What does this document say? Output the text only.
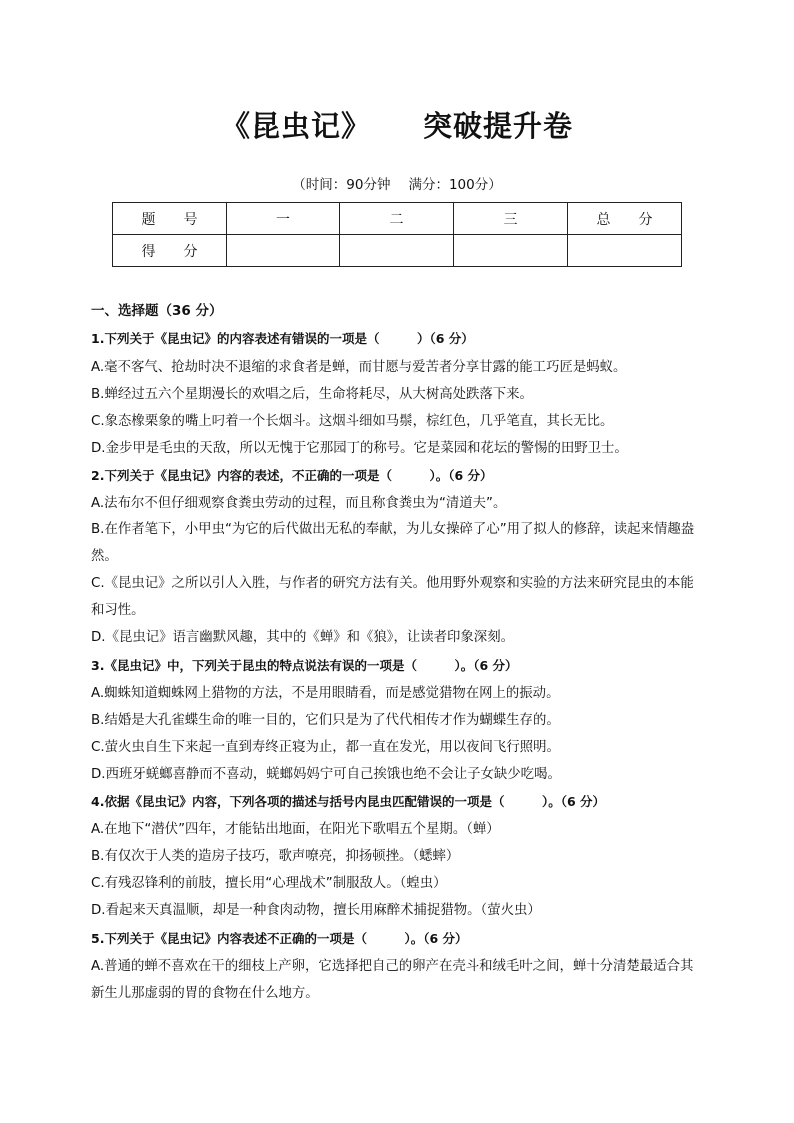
《昆虫记》 突破提升卷
（时间：90分钟 满分：100分）
题　　号	一	二	三	总　　分
得　　分				
一、选择题（36 分）
1.下列关于《昆虫记》的内容表述有错误的一项是（　　　）（6 分）
A.毫不客气、抢劫时决不退缩的求食者是蝉，而甘愿与爱苦者分享甘露的能工巧匠是蚂蚁。
B.蝉经过五六个星期漫长的欢唱之后，生命将耗尽，从大树高处跌落下来。
C.象态橡栗象的嘴上叼着一个长烟斗。这烟斗细如马鬃，棕红色，几乎笔直，其长无比。
D.金步甲是毛虫的天敌，所以无愧于它那园丁的称号。它是菜园和花坛的警惕的田野卫士。
2.下列关于《昆虫记》内容的表述，不正确的一项是（　　　）。（6 分）
A.法布尔不但仔细观察食粪虫劳动的过程，而且称食粪虫为“清道夫”。
B.在作者笔下，小甲虫“为它的后代做出无私的奉献，为儿女操碎了心”用了拟人的修辞，读起来情趣盎然。
C.《昆虫记》之所以引人入胜，与作者的研究方法有关。他用野外观察和实验的方法来研究昆虫的本能和习性。
D.《昆虫记》语言幽默风趣，其中的《蝉》和《狼》，让读者印象深刻。
3.《昆虫记》中，下列关于昆虫的特点说法有误的一项是（　　　）。（6 分）
A.蜘蛛知道蜘蛛网上猎物的方法，不是用眼睛看，而是感觉猎物在网上的振动。
B.结婚是大孔雀蝶生命的唯一目的，它们只是为了代代相传才作为蝴蝶生存的。
C.萤火虫自生下来起一直到寿终正寝为止，都一直在发光，用以夜间飞行照明。
D.西班牙蜣螂喜静而不喜动，蜣螂妈妈宁可自己挨饿也绝不会让子女缺少吃喝。
4.依据《昆虫记》内容，下列各项的描述与括号内昆虫匹配错误的一项是（　　　）。（6 分）
A.在地下“潜伏”四年，才能钻出地面，在阳光下歌唱五个星期。（蝉）
B.有仅次于人类的造房子技巧，歌声嘹亮，抑扬顿挫。（蟋蟀）
C.有残忍锋利的前肢，擅长用“心理战术”制服敌人。（蝗虫）
D.看起来天真温顺，却是一种食肉动物，擅长用麻醉术捕捉猎物。（萤火虫）
5.下列关于《昆虫记》内容表述不正确的一项是（　　　）。（6 分）
A.普通的蝉不喜欢在干的细枝上产卵，它选择把自己的卵产在壳斗和绒毛叶之间，蝉十分清楚最适合其新生儿那虚弱的胃的食物在什么地方。
